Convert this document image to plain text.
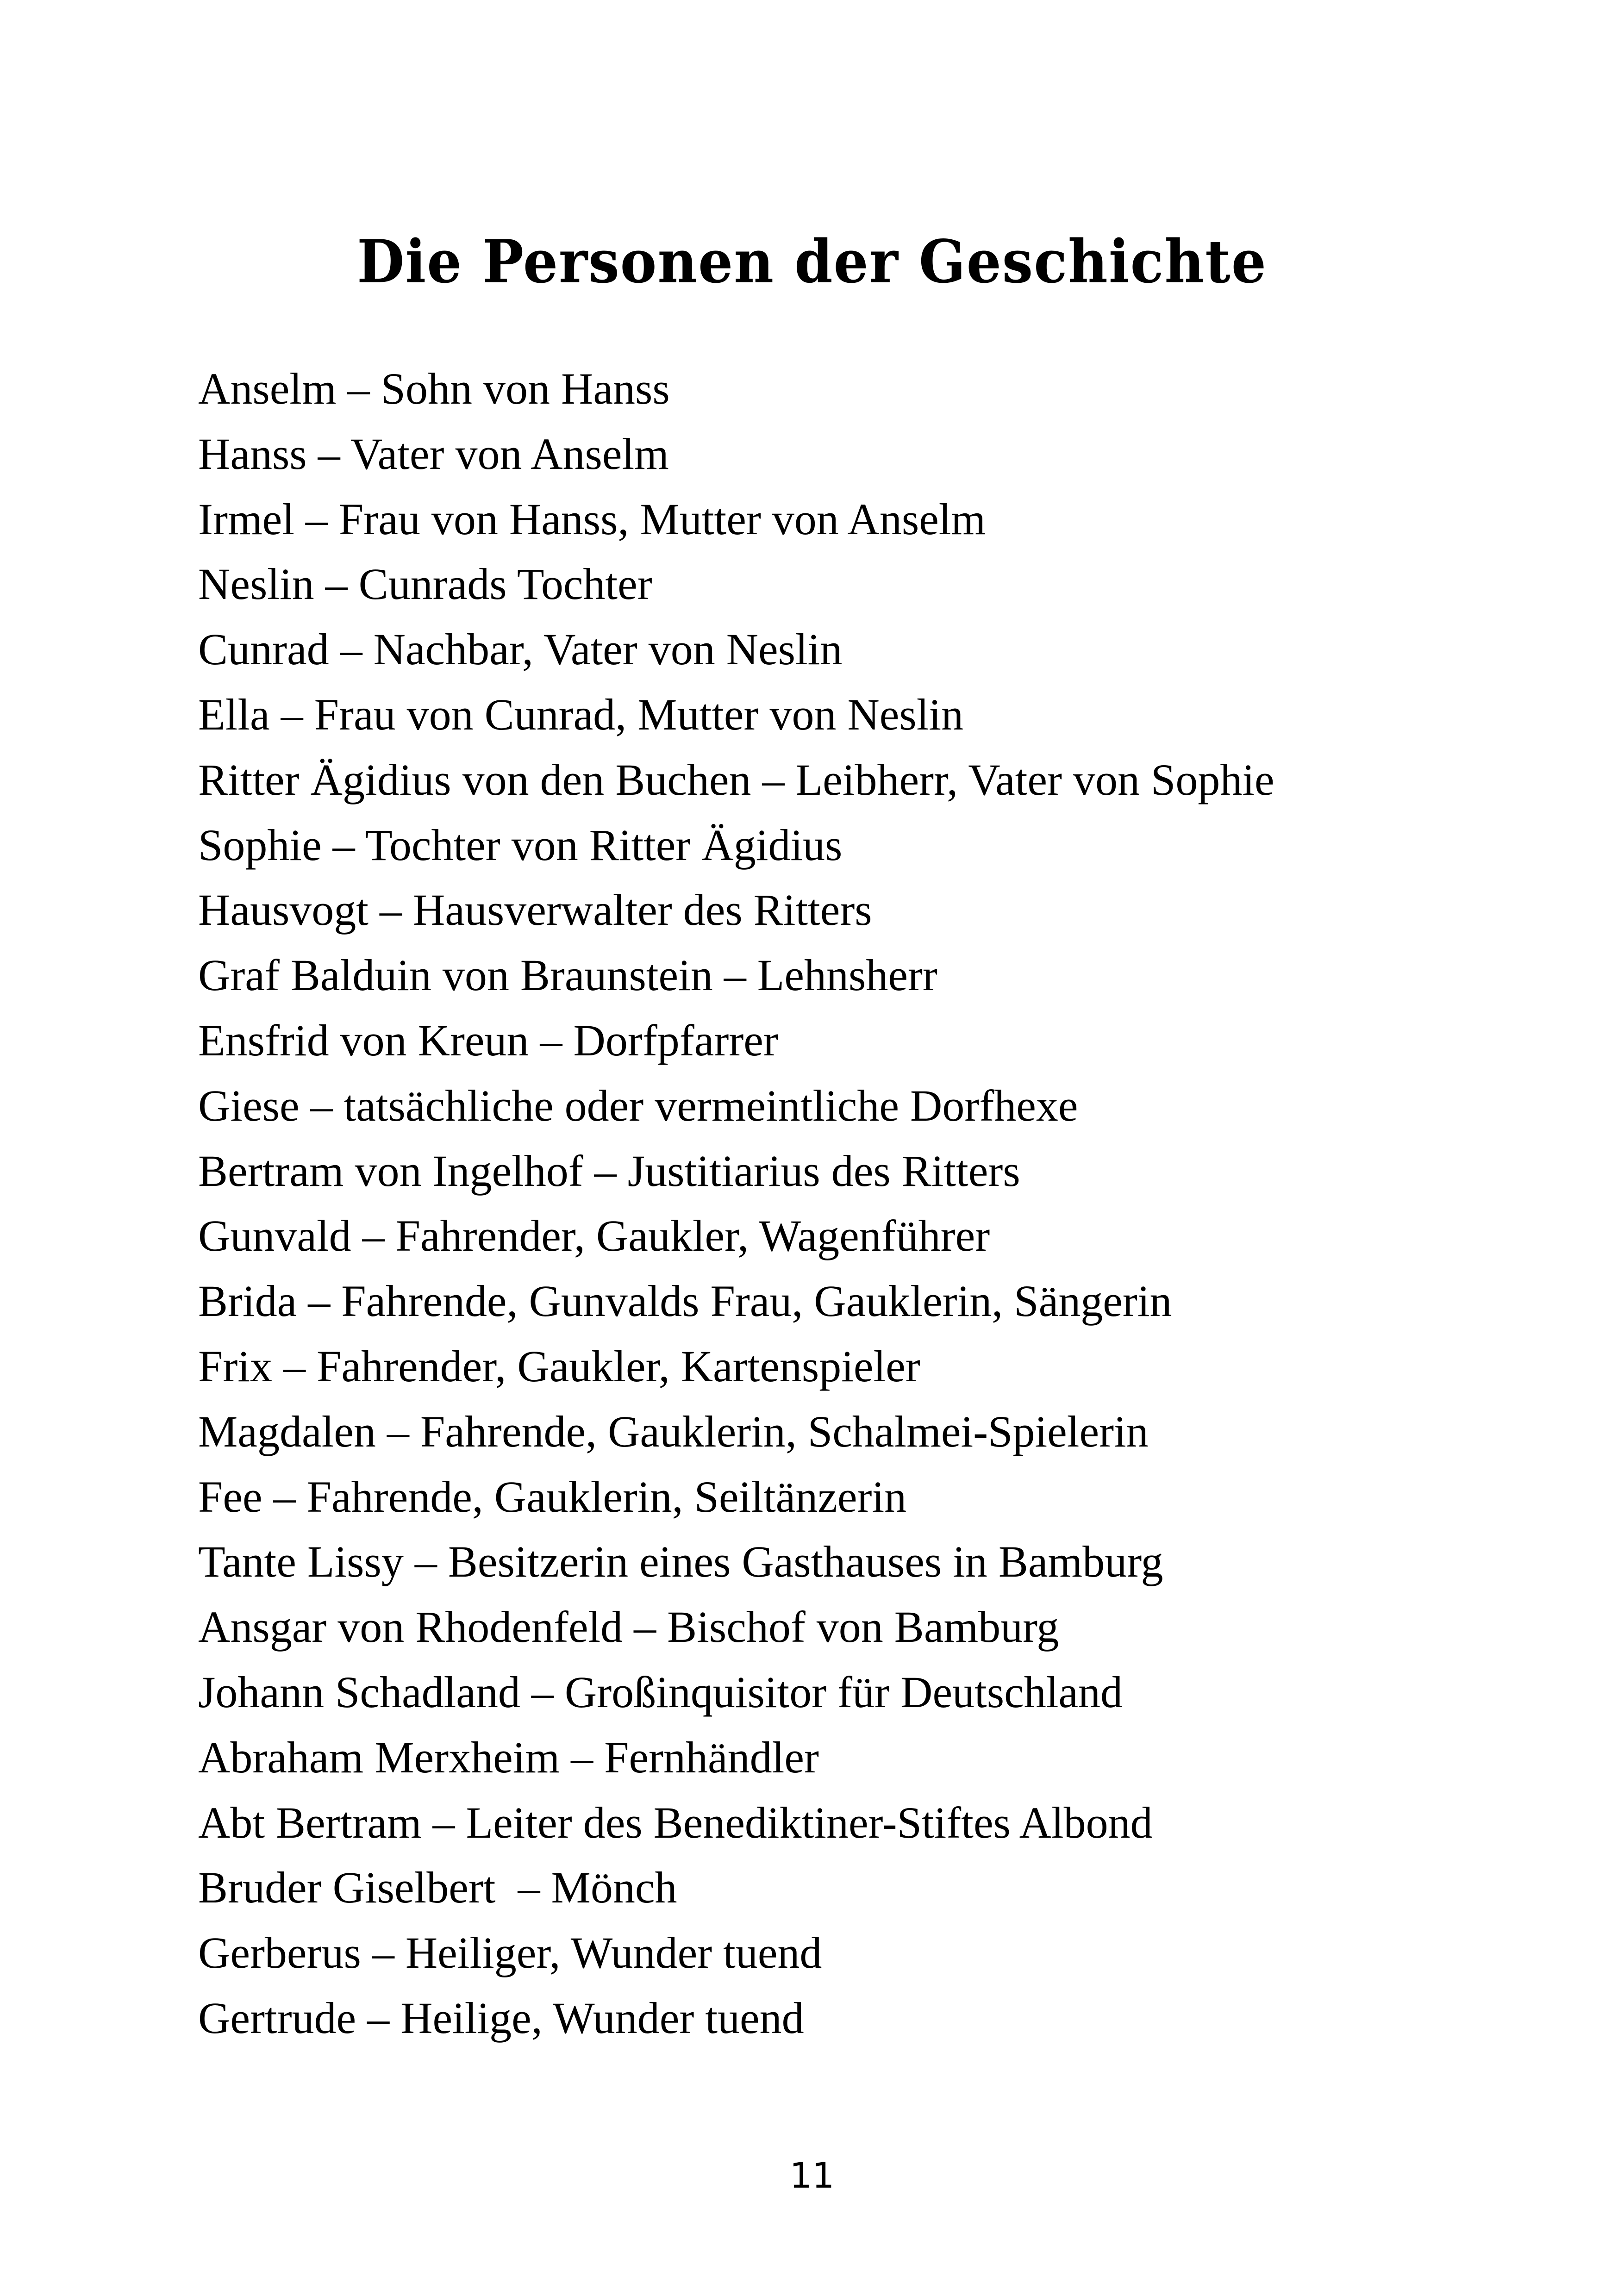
Die Personen der Geschichte
Anselm – Sohn von Hanss
Hanss – Vater von Anselm
Irmel – Frau von Hanss, Mutter von Anselm
Neslin – Cunrads Tochter
Cunrad – Nachbar, Vater von Neslin
Ella – Frau von Cunrad, Mutter von Neslin
Ritter Ägidius von den Buchen – Leibherr, Vater von Sophie
Sophie – Tochter von Ritter Ägidius
Hausvogt – Hausverwalter des Ritters
Graf Balduin von Braunstein – Lehnsherr
Ensfrid von Kreun – Dorfpfarrer
Giese – tatsächliche oder vermeintliche Dorfhexe
Bertram von Ingelhof – Justitiarius des Ritters
Gunvald – Fahrender, Gaukler, Wagenführer
Brida – Fahrende, Gunvalds Frau, Gauklerin, Sängerin
Frix – Fahrender, Gaukler, Kartenspieler
Magdalen – Fahrende, Gauklerin, Schalmei-Spielerin
Fee – Fahrende, Gauklerin, Seiltänzerin
Tante Lissy – Besitzerin eines Gasthauses in Bamburg
Ansgar von Rhodenfeld – Bischof von Bamburg
Johann Schadland – Großinquisitor für Deutschland
Abraham Merxheim – Fernhändler
Abt Bertram – Leiter des Benediktiner-Stiftes Albond
Bruder Giselbert  – Mönch
Gerberus – Heiliger, Wunder tuend
Gertrude – Heilige, Wunder tuend
11
